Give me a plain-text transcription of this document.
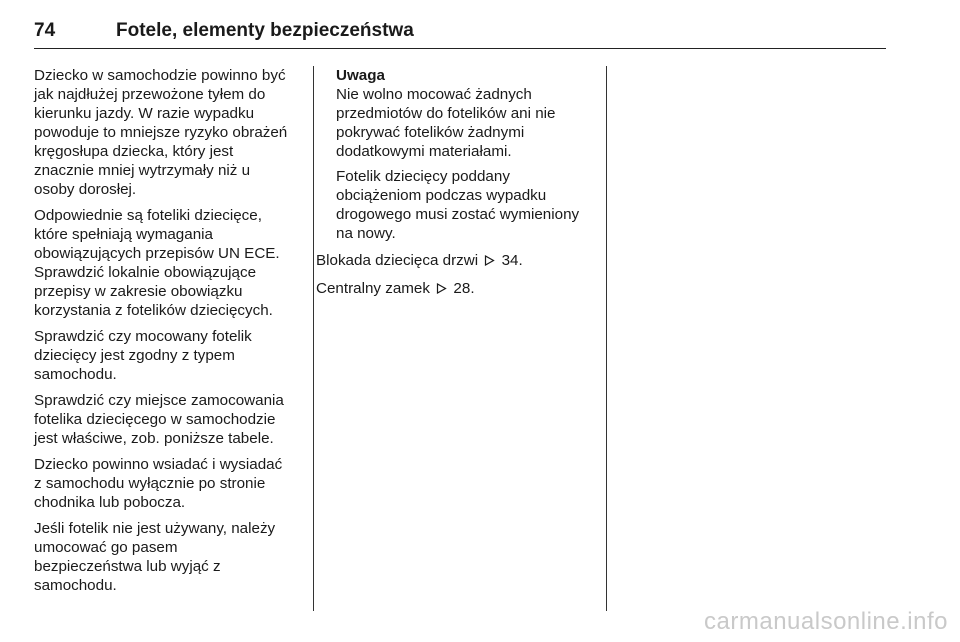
74	Fotele, elementy bezpieczeństwa

Dziecko w samochodzie powinno być
jak najdłużej przewożone tyłem do
kierunku jazdy. W razie wypadku
powoduje to mniejsze ryzyko obrażeń
kręgosłupa dziecka, który jest
znacznie mniej wytrzymały niż u
osoby dorosłej.

Odpowiednie są foteliki dziecięce,
które spełniają wymagania
obowiązujących przepisów UN ECE.
Sprawdzić lokalnie obowiązujące
przepisy w zakresie obowiązku
korzystania z fotelików dziecięcych.

Sprawdzić czy mocowany fotelik
dziecięcy jest zgodny z typem
samochodu.

Sprawdzić czy miejsce zamocowania
fotelika dziecięcego w samochodzie
jest właściwe, zob. poniższe tabele.

Dziecko powinno wsiadać i wysiadać
z samochodu wyłącznie po stronie
chodnika lub pobocza.

Jeśli fotelik nie jest używany, należy
umocować go pasem
bezpieczeństwa lub wyjąć z
samochodu.

Uwaga

Nie wolno mocować żadnych
przedmiotów do fotelików ani nie
pokrywać fotelików żadnymi
dodatkowymi materiałami.

Fotelik dziecięcy poddany
obciążeniom podczas wypadku
drogowego musi zostać wymieniony
na nowy.

Blokada dziecięca drzwi 34.

Centralny zamek 28.

carmanualsonline.info
